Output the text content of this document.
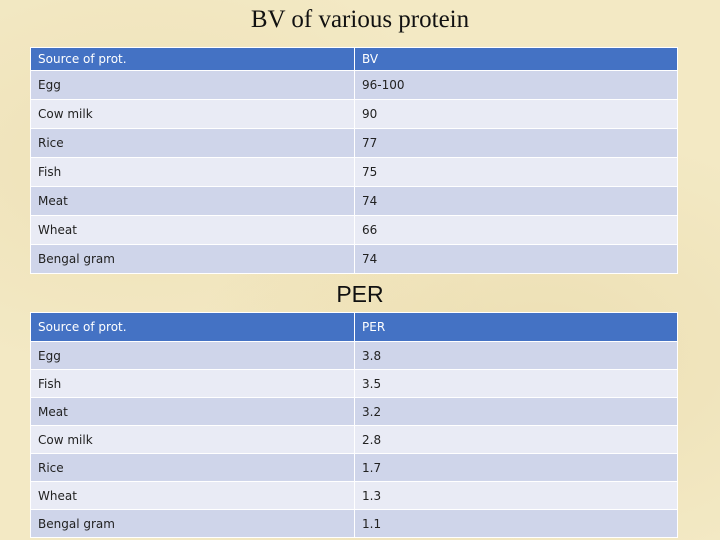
BV of various protein
Source of prot.	BV
Egg	96-100
Cow milk	90
Rice	77
Fish	75
Meat	74
Wheat	66
Bengal gram	74
PER
Source of prot.	PER
Egg	3.8
Fish	3.5
Meat	3.2
Cow milk	2.8
Rice	1.7
Wheat	1.3
Bengal gram	1.1
